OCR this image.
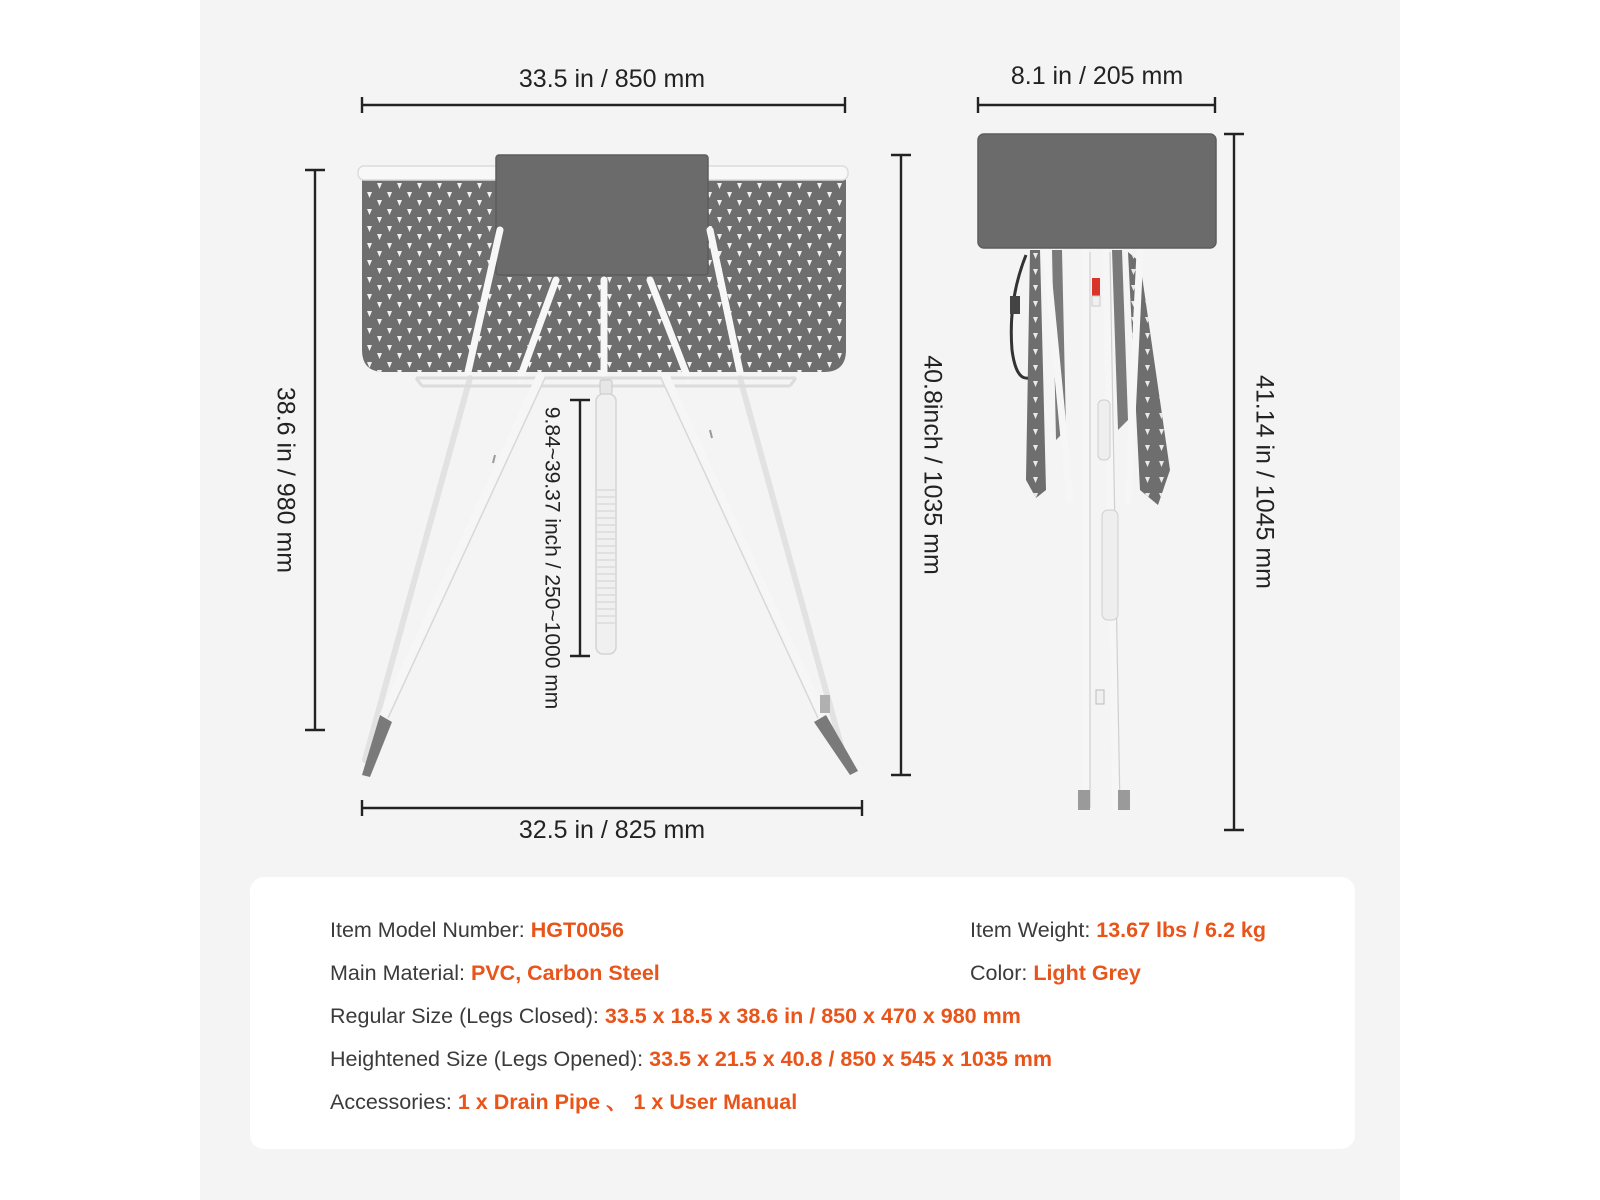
33.5 in / 850 mm
32.5 in / 825 mm
38.6 in / 980 mm	40.8inch / 1035 mm
9.84~39.37 inch / 250~1000 mm
8.1 in / 205 mm
41.14 in / 1045 mm
Item Model Number: HGT0056	Item Weight: 13.67 lbs / 6.2 kg
Main Material: PVC, Carbon Steel	Color: Light Grey
Regular Size (Legs Closed): 33.5 x 18.5 x 38.6 in / 850 x 470 x 980 mm
Heightened Size (Legs Opened): 33.5 x 21.5 x 40.8 / 850 x 545 x 1035 mm
Accessories: 1 x Drain Pipe 、 1 x User Manual
